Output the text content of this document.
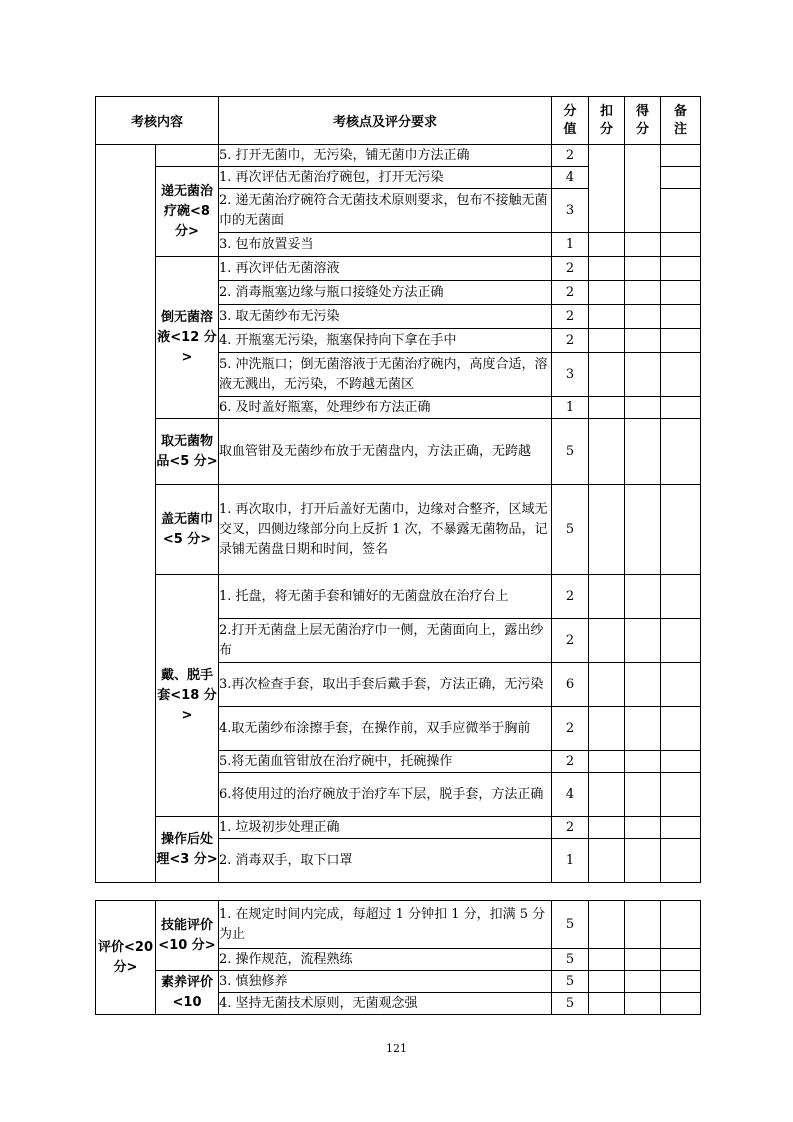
考核内容		考核点及评分要求	分值	扣分	得分	备注

		5. 打开无菌巾，无污染，铺无菌巾方法正确	2			
	递无菌治疗碗<8 分>	1. 再次评估无菌治疗碗包，打开无污染	4			
		2. 递无菌治疗碗符合无菌技术原则要求，包布不接触无菌巾的无菌面	3			
		3. 包布放置妥当	1			
	倒无菌溶液<12 分>	1. 再次评估无菌溶液	2			
		2. 消毒瓶塞边缘与瓶口接缝处方法正确	2			
		3. 取无菌纱布无污染	2			
		4. 开瓶塞无污染，瓶塞保持向下拿在手中	2			
		5. 冲洗瓶口；倒无菌溶液于无菌治疗碗内，高度合适，溶液无溅出，无污染，不跨越无菌区	3			
		6. 及时盖好瓶塞，处理纱布方法正确	1			
	取无菌物品<5 分>	取血管钳及无菌纱布放于无菌盘内，方法正确，无跨越	5			
	盖无菌巾<5 分>	1. 再次取巾，打开后盖好无菌巾，边缘对合整齐，区域无交叉，四侧边缘部分向上反折 1 次，不暴露无菌物品，记录铺无菌盘日期和时间，签名	5			
	戴、脱手套<18 分>	1. 托盘，将无菌手套和铺好的无菌盘放在治疗台上	2			
		2.打开无菌盘上层无菌治疗巾一侧，无菌面向上，露出纱布	2			
		3.再次检查手套，取出手套后戴手套，方法正确，无污染	6			
		4.取无菌纱布涂擦手套，在操作前，双手应微举于胸前	2			
		5.将无菌血管钳放在治疗碗中，托碗操作	2			
		6.将使用过的治疗碗放于治疗车下层，脱手套，方法正确	4			
	操作后处理<3 分>	1. 垃圾初步处理正确	2			
		2. 消毒双手，取下口罩	1			
评价<20 分>	技能评价<10 分>	1. 在规定时间内完成，每超过 1 分钟扣 1 分，扣满 5 分为止	5			
		2. 操作规范，流程熟练	5			
	素养评价<10	3. 慎独修养	5			
		4. 坚持无菌技术原则，无菌观念强	5			
121
